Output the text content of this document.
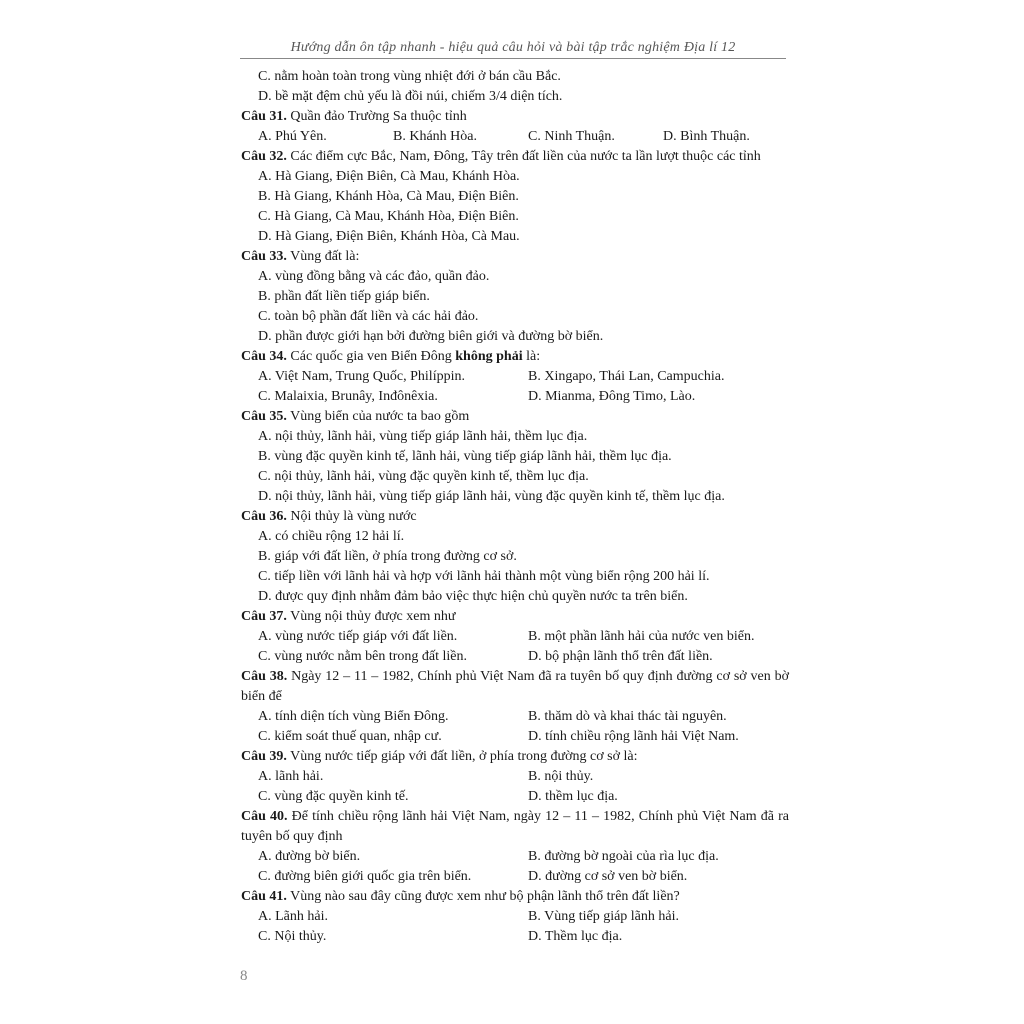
Hướng dẫn ôn tập nhanh - hiệu quả câu hỏi và bài tập trắc nghiệm Địa lí 12
C. nằm hoàn toàn trong vùng nhiệt đới ở bán cầu Bắc.
D. bề mặt đệm chủ yếu là đồi núi, chiếm 3/4 diện tích.
Câu 31. Quần đảo Trường Sa thuộc tỉnh
A. Phú Yên.	B. Khánh Hòa.	C. Ninh Thuận.	D. Bình Thuận.
Câu 32. Các điểm cực Bắc, Nam, Đông, Tây trên đất liền của nước ta lần lượt thuộc các tỉnh
A. Hà Giang, Điện Biên, Cà Mau, Khánh Hòa.
B. Hà Giang, Khánh Hòa, Cà Mau, Điện Biên.
C. Hà Giang, Cà Mau, Khánh Hòa, Điện Biên.
D. Hà Giang, Điện Biên, Khánh Hòa, Cà Mau.
Câu 33. Vùng đất là:
A. vùng đồng bằng và các đảo, quần đảo.
B. phần đất liền tiếp giáp biển.
C. toàn bộ phần đất liền và các hải đảo.
D. phần được giới hạn bởi đường biên giới và đường bờ biển.
Câu 34. Các quốc gia ven Biển Đông không phải là:
A. Việt Nam, Trung Quốc, Philíppin.	B. Xingapo, Thái Lan, Campuchia.
C. Malaixia, Brunây, Inđônêxia.	D. Mianma, Đông Timo, Lào.
Câu 35. Vùng biển của nước ta bao gồm
A. nội thủy, lãnh hải, vùng tiếp giáp lãnh hải, thềm lục địa.
B. vùng đặc quyền kinh tế, lãnh hải, vùng tiếp giáp lãnh hải, thềm lục địa.
C. nội thủy, lãnh hải, vùng đặc quyền kinh tế, thềm lục địa.
D. nội thủy, lãnh hải, vùng tiếp giáp lãnh hải, vùng đặc quyền kinh tế, thềm lục địa.
Câu 36. Nội thủy là vùng nước
A. có chiều rộng 12 hải lí.
B. giáp với đất liền, ở phía trong đường cơ sở.
C. tiếp liền với lãnh hải và hợp với lãnh hải thành một vùng biển rộng 200 hải lí.
D. được quy định nhằm đảm bảo việc thực hiện chủ quyền nước ta trên biển.
Câu 37. Vùng nội thủy được xem như
A. vùng nước tiếp giáp với đất liền.	B. một phần lãnh hải của nước ven biển.
C. vùng nước nằm bên trong đất liền.	D. bộ phận lãnh thổ trên đất liền.
Câu 38. Ngày 12 – 11 – 1982, Chính phủ Việt Nam đã ra tuyên bố quy định đường cơ sở ven bờ biển để
A. tính diện tích vùng Biển Đông.	B. thăm dò và khai thác tài nguyên.
C. kiểm soát thuế quan, nhập cư.	D. tính chiều rộng lãnh hải Việt Nam.
Câu 39. Vùng nước tiếp giáp với đất liền, ở phía trong đường cơ sở là:
A. lãnh hải.	B. nội thủy.
C. vùng đặc quyền kinh tế.	D. thềm lục địa.
Câu 40. Để tính chiều rộng lãnh hải Việt Nam, ngày 12 – 11 – 1982, Chính phủ Việt Nam đã ra tuyên bố quy định
A. đường bờ biển.	B. đường bờ ngoài của rìa lục địa.
C. đường biên giới quốc gia trên biển.	D. đường cơ sở ven bờ biển.
Câu 41. Vùng nào sau đây cũng được xem như bộ phận lãnh thổ trên đất liền?
A. Lãnh hải.	B. Vùng tiếp giáp lãnh hải.
C. Nội thủy.	D. Thềm lục địa.
8
